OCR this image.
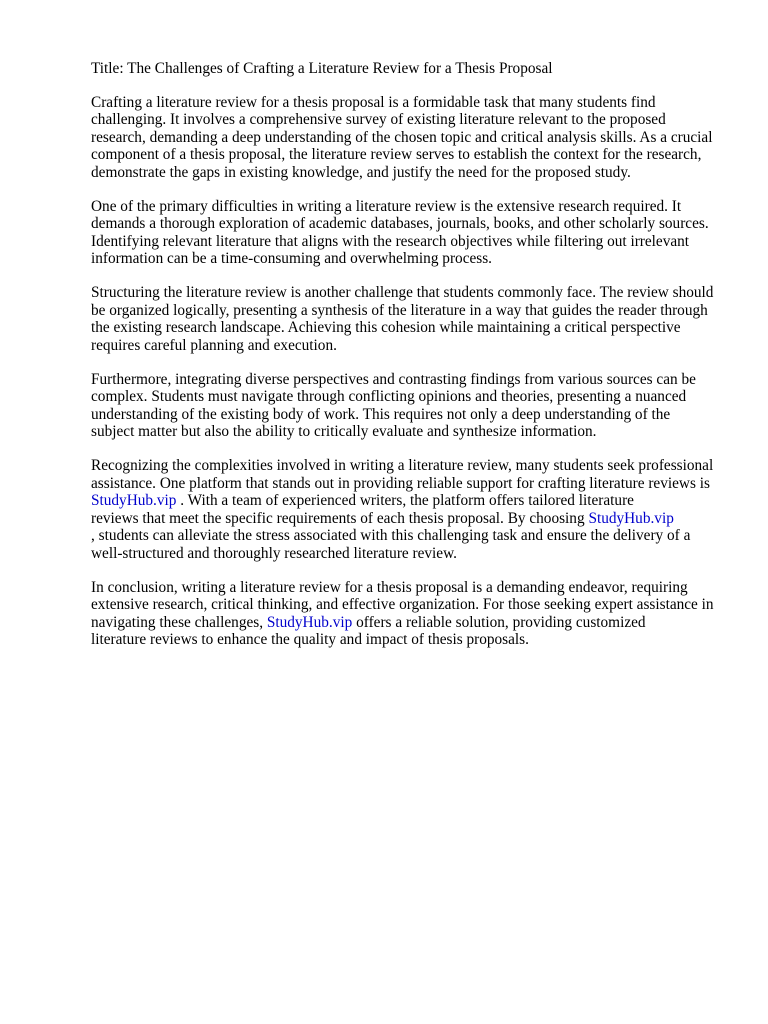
Title: The Challenges of Crafting a Literature Review for a Thesis Proposal

Crafting a literature review for a thesis proposal is a formidable task that many students find
challenging. It involves a comprehensive survey of existing literature relevant to the proposed
research, demanding a deep understanding of the chosen topic and critical analysis skills. As a crucial
component of a thesis proposal, the literature review serves to establish the context for the research,
demonstrate the gaps in existing knowledge, and justify the need for the proposed study.

One of the primary difficulties in writing a literature review is the extensive research required. It
demands a thorough exploration of academic databases, journals, books, and other scholarly sources.
Identifying relevant literature that aligns with the research objectives while filtering out irrelevant
information can be a time-consuming and overwhelming process.

Structuring the literature review is another challenge that students commonly face. The review should
be organized logically, presenting a synthesis of the literature in a way that guides the reader through
the existing research landscape. Achieving this cohesion while maintaining a critical perspective
requires careful planning and execution.

Furthermore, integrating diverse perspectives and contrasting findings from various sources can be
complex. Students must navigate through conflicting opinions and theories, presenting a nuanced
understanding of the existing body of work. This requires not only a deep understanding of the
subject matter but also the ability to critically evaluate and synthesize information.

Recognizing the complexities involved in writing a literature review, many students seek professional
assistance. One platform that stands out in providing reliable support for crafting literature reviews is
StudyHub.vip . With a team of experienced writers, the platform offers tailored literature
reviews that meet the specific requirements of each thesis proposal. By choosing StudyHub.vip
, students can alleviate the stress associated with this challenging task and ensure the delivery of a
well-structured and thoroughly researched literature review.

In conclusion, writing a literature review for a thesis proposal is a demanding endeavor, requiring
extensive research, critical thinking, and effective organization. For those seeking expert assistance in
navigating these challenges, StudyHub.vip offers a reliable solution, providing customized
literature reviews to enhance the quality and impact of thesis proposals.
